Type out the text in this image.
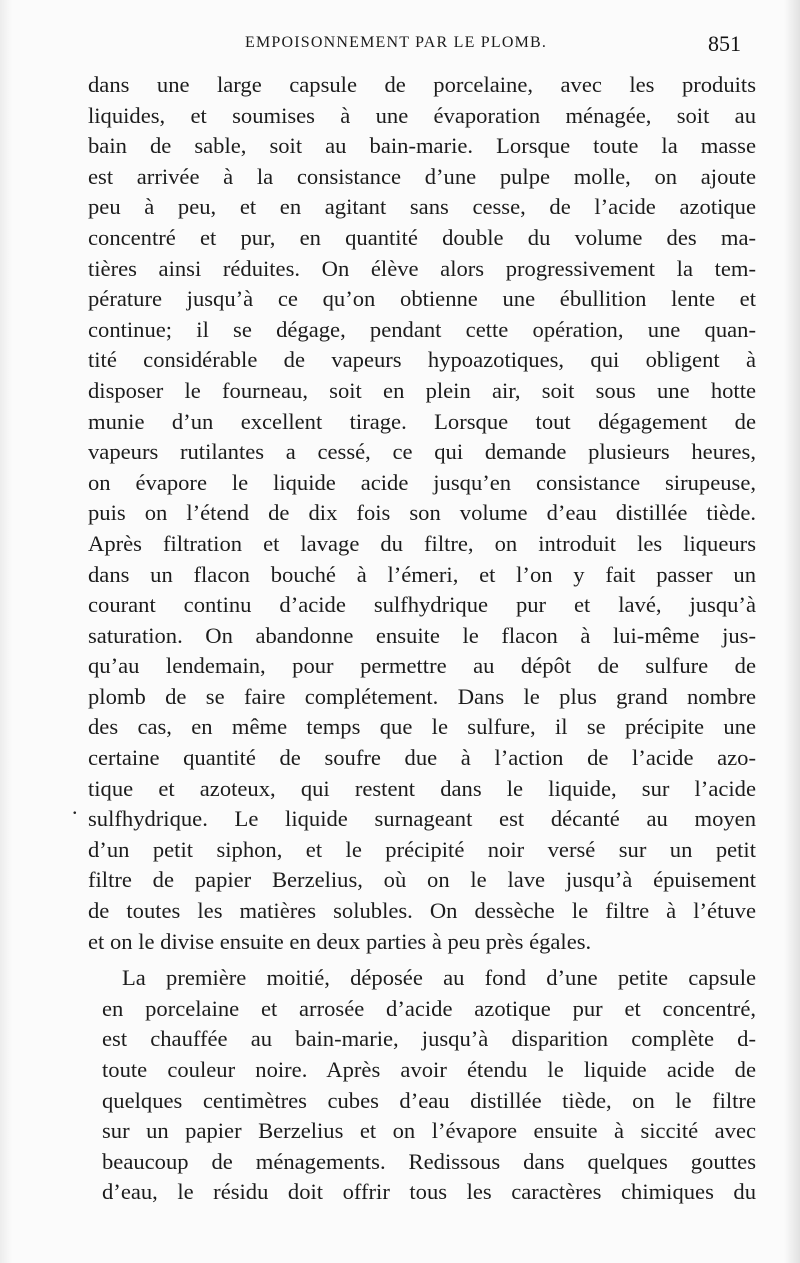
EMPOISONNEMENT PAR LE PLOMB.	851
.
dans une large capsule de porcelaine, avec les produits
liquides, et soumises à une évaporation ménagée, soit au
bain de sable, soit au bain-marie. Lorsque toute la masse
est arrivée à la consistance d’une pulpe molle, on ajoute
peu à peu, et en agitant sans cesse, de l’acide azotique
concentré et pur, en quantité double du volume des ma-
tières ainsi réduites. On élève alors progressivement la tem-
pérature jusqu’à ce qu’on obtienne une ébullition lente et
continue; il se dégage, pendant cette opération, une quan-
tité considérable de vapeurs hypoazotiques, qui obligent à
disposer le fourneau, soit en plein air, soit sous une hotte
munie d’un excellent tirage. Lorsque tout dégagement de
vapeurs rutilantes a cessé, ce qui demande plusieurs heures,
on évapore le liquide acide jusqu’en consistance sirupeuse,
puis on l’étend de dix fois son volume d’eau distillée tiède.
Après filtration et lavage du filtre, on introduit les liqueurs
dans un flacon bouché à l’émeri, et l’on y fait passer un
courant continu d’acide sulfhydrique pur et lavé, jusqu’à
saturation. On abandonne ensuite le flacon à lui-même jus-
qu’au lendemain, pour permettre au dépôt de sulfure de
plomb de se faire complétement. Dans le plus grand nombre
des cas, en même temps que le sulfure, il se précipite une
certaine quantité de soufre due à l’action de l’acide azo-
tique et azoteux, qui restent dans le liquide, sur l’acide
sulfhydrique. Le liquide surnageant est décanté au moyen
d’un petit siphon, et le précipité noir versé sur un petit
filtre de papier Berzelius, où on le lave jusqu’à épuisement
de toutes les matières solubles. On dessèche le filtre à l’étuve
et on le divise ensuite en deux parties à peu près égales.
La première moitié, déposée au fond d’une petite capsule
en porcelaine et arrosée d’acide azotique pur et concentré,
est chauffée au bain-marie, jusqu’à disparition complète d-
toute couleur noire. Après avoir étendu le liquide acide de
quelques centimètres cubes d’eau distillée tiède, on le filtre
sur un papier Berzelius et on l’évapore ensuite à siccité avec
beaucoup de ménagements. Redissous dans quelques gouttes
d’eau, le résidu doit offrir tous les caractères chimiques du
